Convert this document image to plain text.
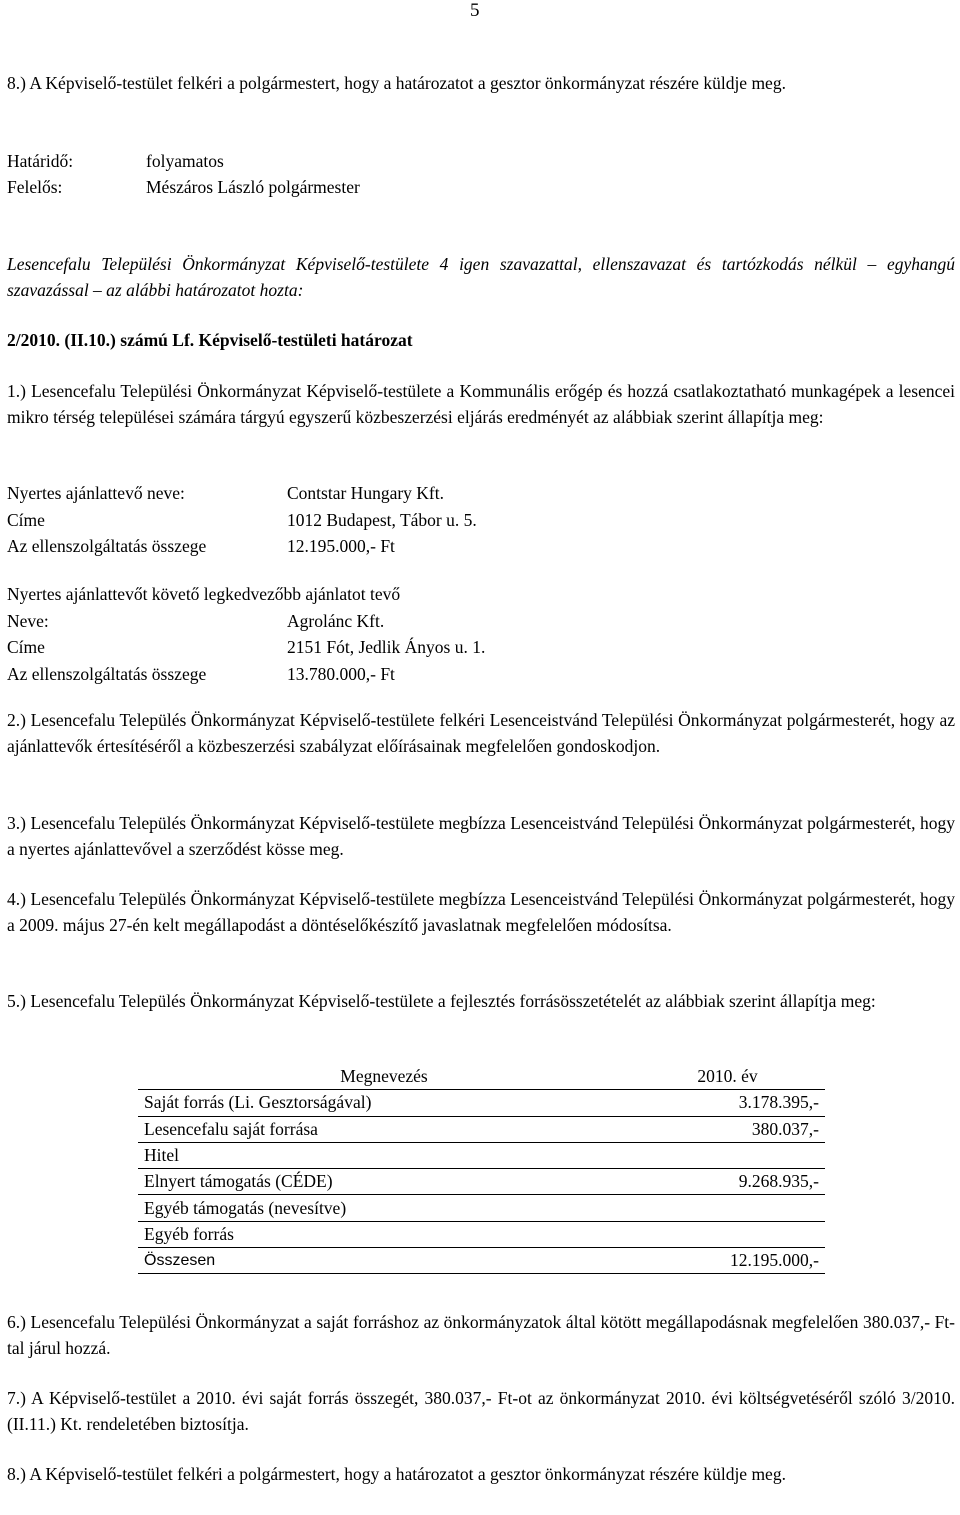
5

8.) A Képviselő-testület felkéri a polgármestert, hogy a határozatot a gesztor önkormányzat részére küldje meg.

Határidő:	folyamatos
Felelős:	Mészáros László polgármester

Lesencefalu Települési Önkormányzat Képviselő-testülete 4 igen szavazattal, ellenszavazat és tartózkodás nélkül – egyhangú szavazással – az alábbi határozatot hozta:

2/2010. (II.10.) számú Lf. Képviselő-testületi határozat

1.) Lesencefalu Települési Önkormányzat Képviselő-testülete a Kommunális erőgép és hozzá csatlakoztatható munkagépek a lesencei mikro térség települései számára tárgyú egyszerű közbeszerzési eljárás eredményét az alábbiak szerint állapítja meg:

Nyertes ajánlattevő neve:	Contstar Hungary Kft.
Címe	1012 Budapest, Tábor u. 5.
Az ellenszolgáltatás összege	12.195.000,- Ft
Nyertes ajánlattevőt követő legkedvezőbb ajánlatot tevő
Neve:	Agrolánc Kft.
Címe	2151 Fót, Jedlik Ányos u. 1.
Az ellenszolgáltatás összege	13.780.000,- Ft

2.) Lesencefalu Település Önkormányzat Képviselő-testülete felkéri Lesenceistvánd Települési Önkormányzat polgármesterét, hogy az ajánlattevők értesítéséről a közbeszerzési szabályzat előírásainak megfelelően gondoskodjon.

3.) Lesencefalu Település Önkormányzat Képviselő-testülete megbízza Lesenceistvánd Települési Önkormányzat polgármesterét, hogy a nyertes ajánlattevővel a szerződést kösse meg.

4.) Lesencefalu Település Önkormányzat Képviselő-testülete megbízza Lesenceistvánd Települési Önkormányzat polgármesterét, hogy a 2009. május 27-én kelt megállapodást a döntéselőkészítő javaslatnak megfelelően módosítsa.

5.) Lesencefalu Település Önkormányzat Képviselő-testülete a fejlesztés forrásösszetételét az alábbiak szerint állapítja meg:

Megnevezés	2010. év
Saját forrás (Li. Gesztorságával)	3.178.395,-
Lesencefalu saját forrása	380.037,-
Hitel	
Elnyert támogatás (CÉDE)	9.268.935,-
Egyéb támogatás (nevesítve)	
Egyéb forrás	
Összesen	12.195.000,-

6.) Lesencefalu Települési Önkormányzat a saját forráshoz az önkormányzatok által kötött megállapodásnak megfelelően 380.037,- Ft-tal járul hozzá.

7.) A Képviselő-testület a 2010. évi saját forrás összegét, 380.037,- Ft-ot az önkormányzat 2010. évi költségvetéséről szóló 3/2010. (II.11.) Kt. rendeletében biztosítja.

8.) A Képviselő-testület felkéri a polgármestert, hogy a határozatot a gesztor önkormányzat részére küldje meg.
